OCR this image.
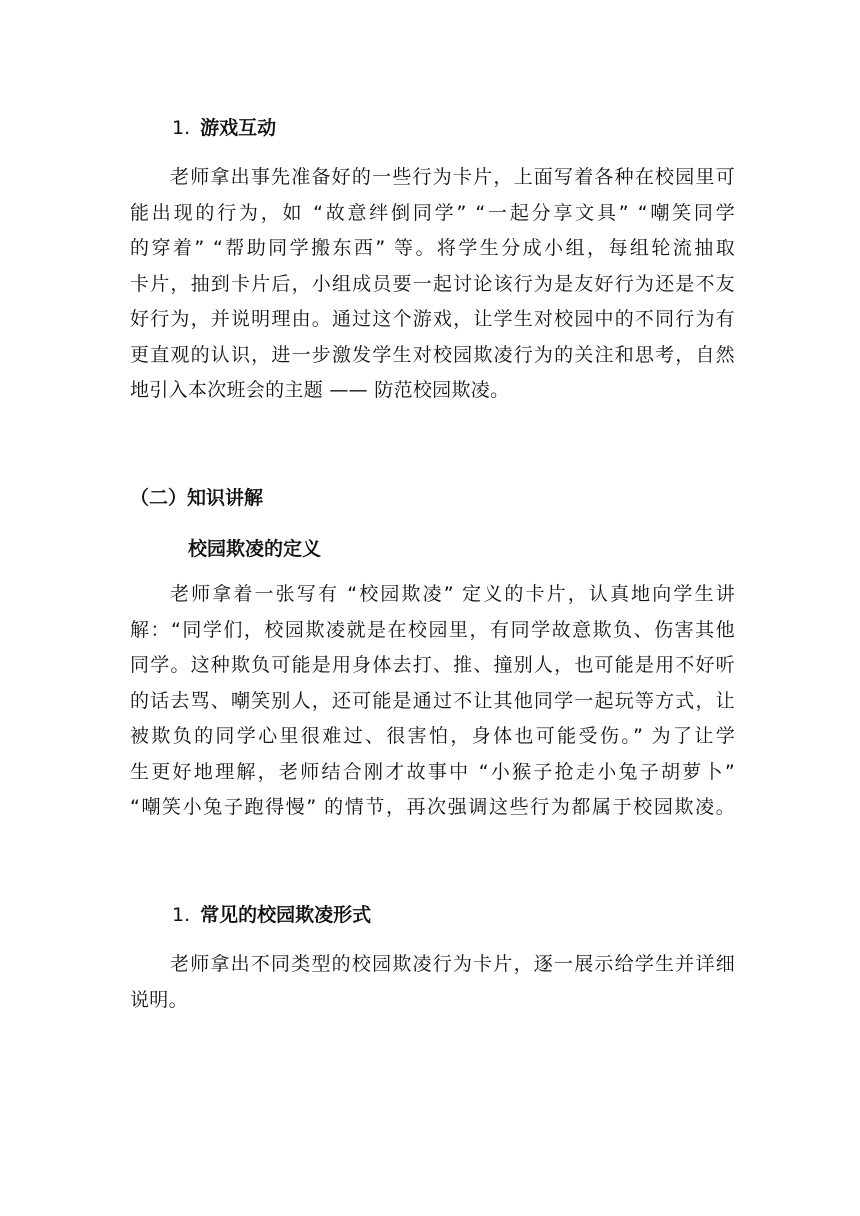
1. 游戏互动
老师拿出事先准备好的一些行为卡片，上面写着各种在校园里可
能出现的行为，如 “故意绊倒同学” “一起分享文具” “嘲笑同学
的穿着” “帮助同学搬东西” 等。将学生分成小组，每组轮流抽取
卡片，抽到卡片后，小组成员要一起讨论该行为是友好行为还是不友
好行为，并说明理由。通过这个游戏，让学生对校园中的不同行为有
更直观的认识，进一步激发学生对校园欺凌行为的关注和思考，自然
地引入本次班会的主题 —— 防范校园欺凌。
（二）知识讲解
校园欺凌的定义
老师拿着一张写有 “校园欺凌” 定义的卡片，认真地向学生讲
解：“同学们，校园欺凌就是在校园里，有同学故意欺负、伤害其他
同学。这种欺负可能是用身体去打、推、撞别人，也可能是用不好听
的话去骂、嘲笑别人，还可能是通过不让其他同学一起玩等方式，让
被欺负的同学心里很难过、很害怕，身体也可能受伤。” 为了让学
生更好地理解，老师结合刚才故事中 “小猴子抢走小兔子胡萝卜”
“嘲笑小兔子跑得慢” 的情节，再次强调这些行为都属于校园欺凌。
1. 常见的校园欺凌形式
老师拿出不同类型的校园欺凌行为卡片，逐一展示给学生并详细
说明。
